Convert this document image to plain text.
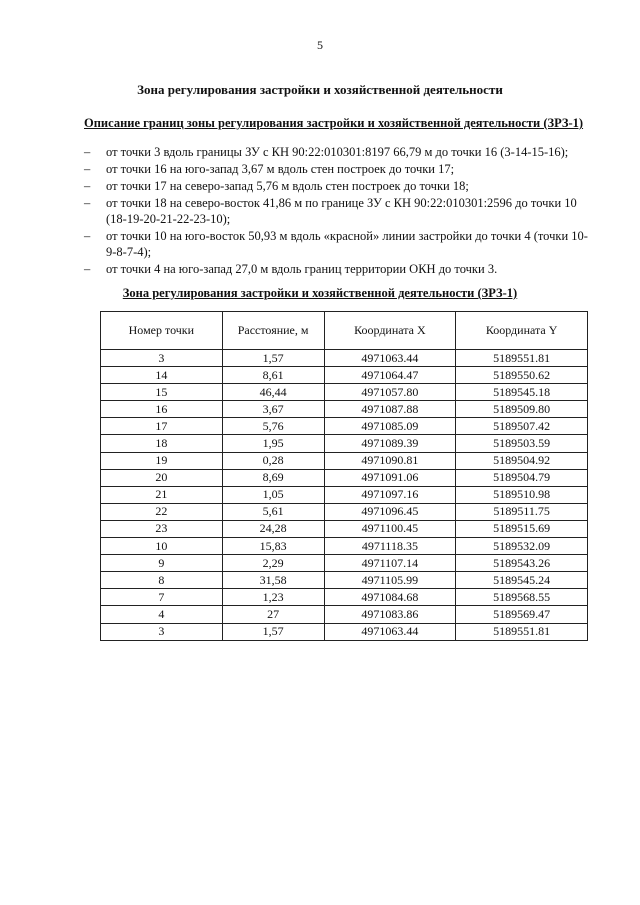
5
Зона регулирования застройки и хозяйственной деятельности
Описание границ зоны регулирования застройки и хозяйственной деятельности (ЗРЗ-1)
– от точки 3 вдоль границы ЗУ с КН 90:22:010301:8197 66,79 м до точки 16 (3-14-15-16);
– от точки 16 на юго-запад 3,67 м вдоль стен построек до точки 17;
– от точки 17 на северо-запад 5,76 м вдоль стен построек до точки 18;
– от точки 18 на северо-восток 41,86 м по границе ЗУ с КН 90:22:010301:2596 до точки 10 (18-19-20-21-22-23-10);
– от точки 10 на юго-восток 50,93 м вдоль «красной» линии застройки до точки 4 (точки 10-9-8-7-4);
– от точки 4 на юго-запад 27,0 м вдоль границ территории ОКН до точки 3.
Зона регулирования застройки и хозяйственной деятельности (ЗРЗ-1)
Номер точки	Расстояние, м	Координата X	Координата Y
3	1,57	4971063.44	5189551.81
14	8,61	4971064.47	5189550.62
15	46,44	4971057.80	5189545.18
16	3,67	4971087.88	5189509.80
17	5,76	4971085.09	5189507.42
18	1,95	4971089.39	5189503.59
19	0,28	4971090.81	5189504.92
20	8,69	4971091.06	5189504.79
21	1,05	4971097.16	5189510.98
22	5,61	4971096.45	5189511.75
23	24,28	4971100.45	5189515.69
10	15,83	4971118.35	5189532.09
9	2,29	4971107.14	5189543.26
8	31,58	4971105.99	5189545.24
7	1,23	4971084.68	5189568.55
4	27	4971083.86	5189569.47
3	1,57	4971063.44	5189551.81
